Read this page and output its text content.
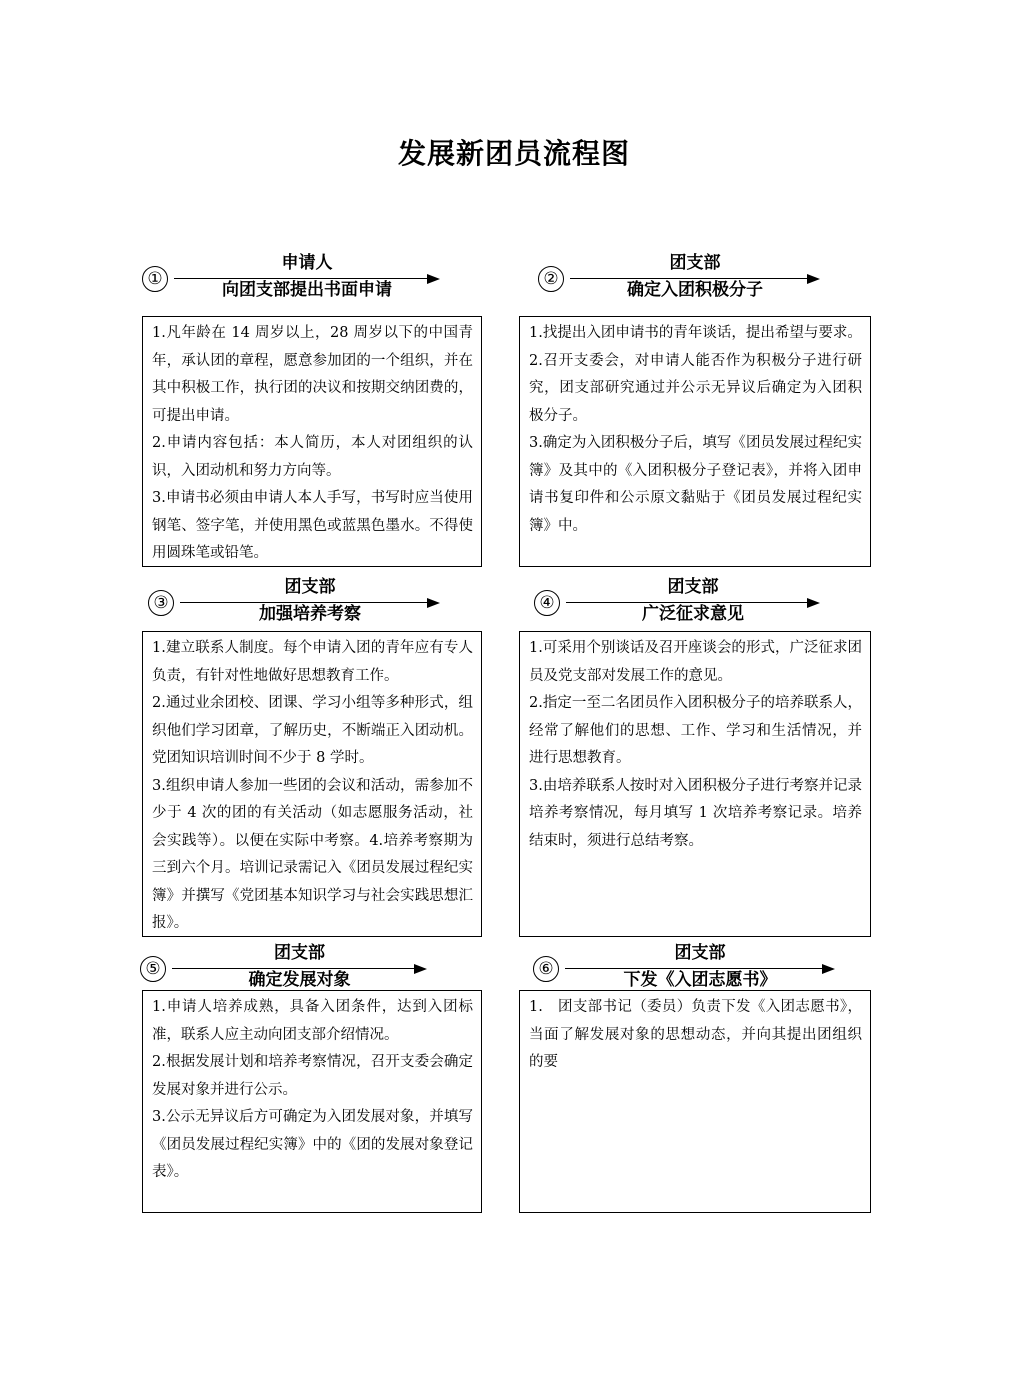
发展新团员流程图
①
申请人
向团支部提出书面申请

1.凡年龄在 14 周岁以上，28 周岁以下的中国青年，承认团的章程，愿意参加团的一个组织，并在其中积极工作，执行团的决议和按期交纳团费的，可提出申请。

2.申请内容包括：本人简历，本人对团组织的认识，入团动机和努力方向等。

3.申请书必须由申请人本人手写，书写时应当使用钢笔、签字笔，并使用黑色或蓝黑色墨水。不得使用圆珠笔或铅笔。

②
团支部
确定入团积极分子

1.找提出入团申请书的青年谈话，提出希望与要求。

2.召开支委会，对申请人能否作为积极分子进行研究，团支部研究通过并公示无异议后确定为入团积极分子。

3.确定为入团积极分子后，填写《团员发展过程纪实簿》及其中的《入团积极分子登记表》，并将入团申请书复印件和公示原文黏贴于《团员发展过程纪实簿》中。

③
团支部
加强培养考察

1.建立联系人制度。每个申请入团的青年应有专人负责，有针对性地做好思想教育工作。

2.通过业余团校、团课、学习小组等多种形式，组织他们学习团章，了解历史，不断端正入团动机。党团知识培训时间不少于 8 学时。

3.组织申请人参加一些团的会议和活动，需参加不少于 4 次的团的有关活动（如志愿服务活动，社会实践等）。以便在实际中考察。4.培养考察期为三到六个月。培训记录需记入《团员发展过程纪实簿》并撰写《党团基本知识学习与社会实践思想汇报》。

④
团支部
广泛征求意见

1.可采用个别谈话及召开座谈会的形式，广泛征求团员及党支部对发展工作的意见。

2.指定一至二名团员作入团积极分子的培养联系人，经常了解他们的思想、工作、学习和生活情况，并进行思想教育。

3.由培养联系人按时对入团积极分子进行考察并记录培养考察情况，每月填写 1 次培养考察记录。培养结束时，须进行总结考察。

⑤
团支部
确定发展对象

1.申请人培养成熟，具备入团条件，达到入团标准，联系人应主动向团支部介绍情况。

2.根据发展计划和培养考察情况，召开支委会确定发展对象并进行公示。

3.公示无异议后方可确定为入团发展对象，并填写《团员发展过程纪实簿》中的《团的发展对象登记表》。

⑥
团支部
下发《入团志愿书》

1.　团支部书记（委员）负责下发《入团志愿书》，当面了解发展对象的思想动态，并向其提出团组织的要
